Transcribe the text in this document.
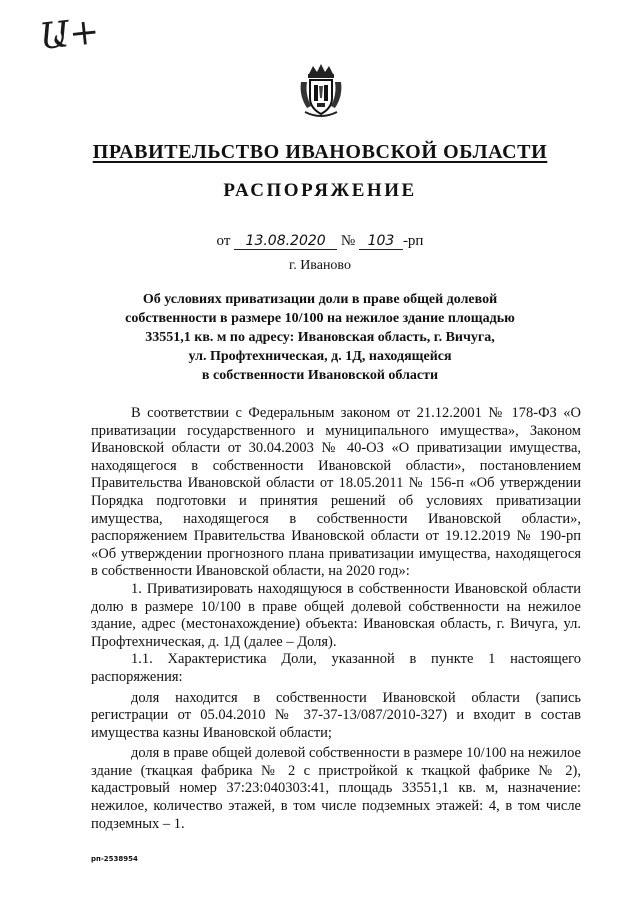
Ա+
ПРАВИТЕЛЬСТВО ИВАНОВСКОЙ ОБЛАСТИ
РАСПОРЯЖЕНИЕ
от 13.08.2020 № 103 -рп
г. Иваново
Об условиях приватизации доли в праве общей долевой
собственности в размере 10/100 на нежилое здание площадью
33551,1 кв. м по адресу: Ивановская область, г. Вичуга,
ул. Профтехническая, д. 1Д, находящейся
в собственности Ивановской области

В соответствии с Федеральным законом от 21.12.2001 № 178-ФЗ «О приватизации государственного и муниципального имущества», Законом Ивановской области от 30.04.2003 № 40-ОЗ «О приватизации имущества, находящегося в собственности Ивановской области», постановлением Правительства Ивановской области от 18.05.2011 № 156-п «Об утверждении Порядка подготовки и принятия решений об условиях приватизации имущества, находящегося в собственности Ивановской области», распоряжением Правительства Ивановской области от 19.12.2019 № 190-рп «Об утверждении прогнозного плана приватизации имущества, находящегося в собственности Ивановской области, на 2020 год»:

1. Приватизировать находящуюся в собственности Ивановской области долю в размере 10/100 в праве общей долевой собственности на нежилое здание, адрес (местонахождение) объекта: Ивановская область, г. Вичуга, ул. Профтехническая, д. 1Д (далее – Доля).

1.1. Характеристика Доли, указанной в пункте 1 настоящего распоряжения:

доля находится в собственности Ивановской области (запись регистрации от 05.04.2010 № 37-37-13/087/2010-327) и входит в состав имущества казны Ивановской области;

доля в праве общей долевой собственности в размере 10/100 на нежилое здание (ткацкая фабрика № 2 с пристройкой к ткацкой фабрике № 2), кадастровый номер 37:23:040303:41, площадь 33551,1 кв. м, назначение: нежилое, количество этажей, в том числе подземных этажей: 4, в том числе подземных – 1.

рп-2538954
